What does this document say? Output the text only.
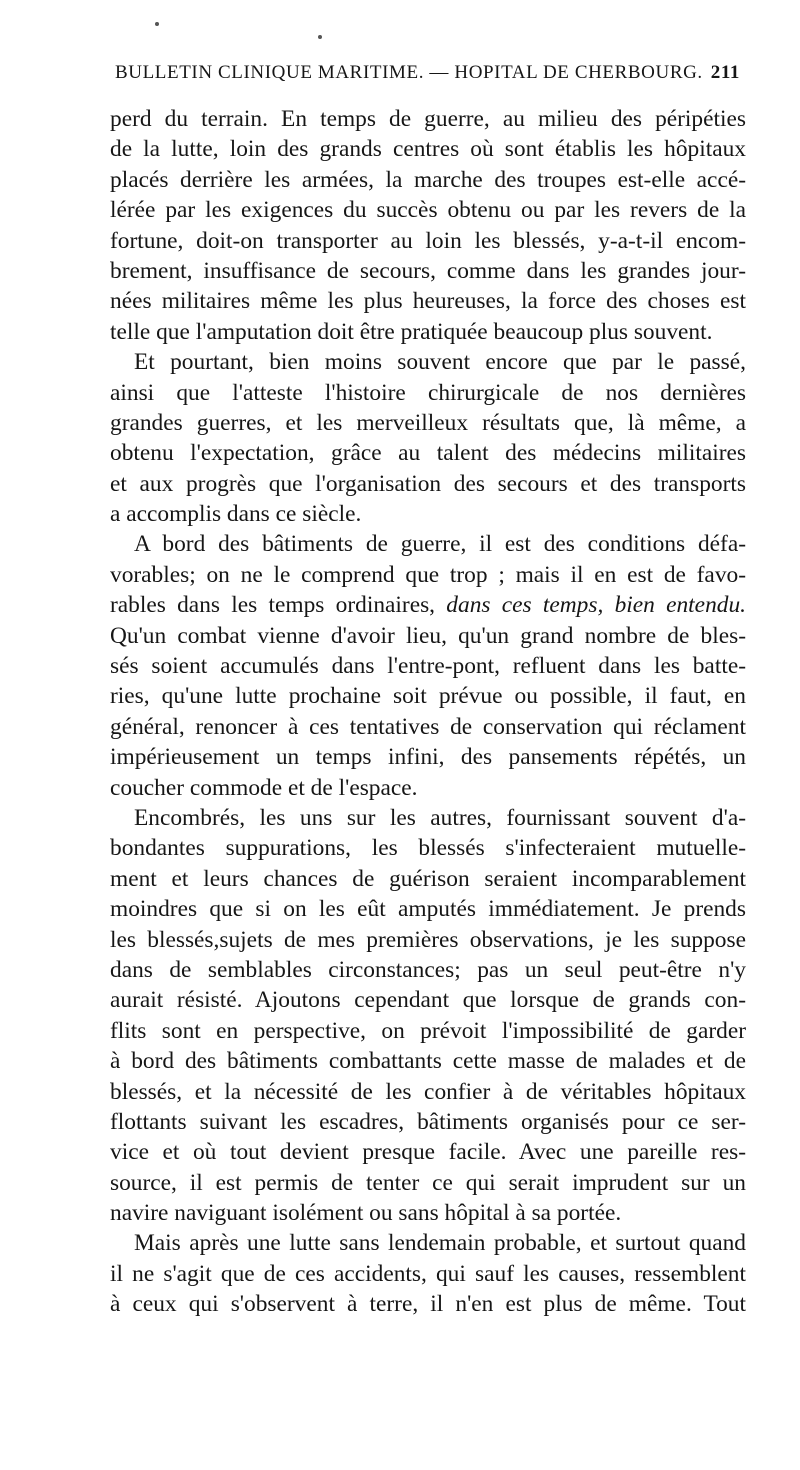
BULLETIN CLINIQUE MARITIME. — HOPITAL DE CHERBOURG. 211
perd du terrain. En temps de guerre, au milieu des péripéties
de la lutte, loin des grands centres où sont établis les hôpitaux
placés derrière les armées, la marche des troupes est-elle accé-
lérée par les exigences du succès obtenu ou par les revers de la
fortune, doit-on transporter au loin les blessés, y-a-t-il encom-
brement, insuffisance de secours, comme dans les grandes jour-
nées militaires même les plus heureuses, la force des choses est
telle que l'amputation doit être pratiquée beaucoup plus souvent.
Et pourtant, bien moins souvent encore que par le passé,
ainsi que l'atteste l'histoire chirurgicale de nos dernières
grandes guerres, et les merveilleux résultats que, là même, a
obtenu l'expectation, grâce au talent des médecins militaires
et aux progrès que l'organisation des secours et des transports
a accomplis dans ce siècle.
A bord des bâtiments de guerre, il est des conditions défa-
vorables; on ne le comprend que trop ; mais il en est de favo-
rables dans les temps ordinaires, dans ces temps, bien entendu.
Qu'un combat vienne d'avoir lieu, qu'un grand nombre de bles-
sés soient accumulés dans l'entre-pont, refluent dans les batte-
ries, qu'une lutte prochaine soit prévue ou possible, il faut, en
général, renoncer à ces tentatives de conservation qui réclament
impérieusement un temps infini, des pansements répétés, un
coucher commode et de l'espace.
Encombrés, les uns sur les autres, fournissant souvent d'a-
bondantes suppurations, les blessés s'infecteraient mutuelle-
ment et leurs chances de guérison seraient incomparablement
moindres que si on les eût amputés immédiatement. Je prends
les blessés,sujets de mes premières observations, je les suppose
dans de semblables circonstances; pas un seul peut-être n'y
aurait résisté. Ajoutons cependant que lorsque de grands con-
flits sont en perspective, on prévoit l'impossibilité de garder
à bord des bâtiments combattants cette masse de malades et de
blessés, et la nécessité de les confier à de véritables hôpitaux
flottants suivant les escadres, bâtiments organisés pour ce ser-
vice et où tout devient presque facile. Avec une pareille res-
source, il est permis de tenter ce qui serait imprudent sur un
navire naviguant isolément ou sans hôpital à sa portée.
Mais après une lutte sans lendemain probable, et surtout quand
il ne s'agit que de ces accidents, qui sauf les causes, ressemblent
à ceux qui s'observent à terre, il n'en est plus de même. Tout
